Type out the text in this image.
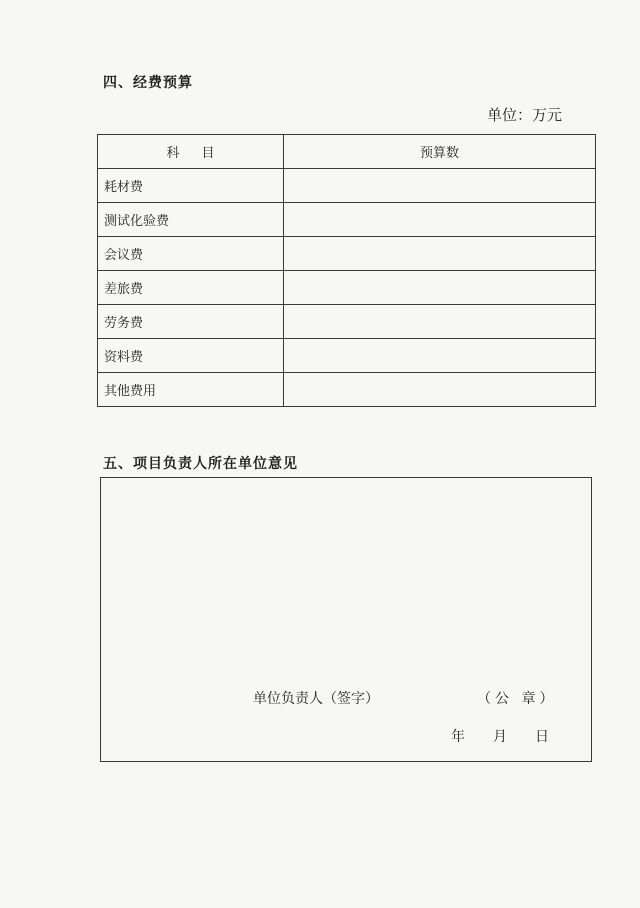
四、经费预算
单位：万元
科目	预算数
耗材费	
测试化验费	
会议费	
差旅费	
劳务费	
资料费	
其他费用	
五、项目负责人所在单位意见
单位负责人（签字）	（公 章）
年 月 日
